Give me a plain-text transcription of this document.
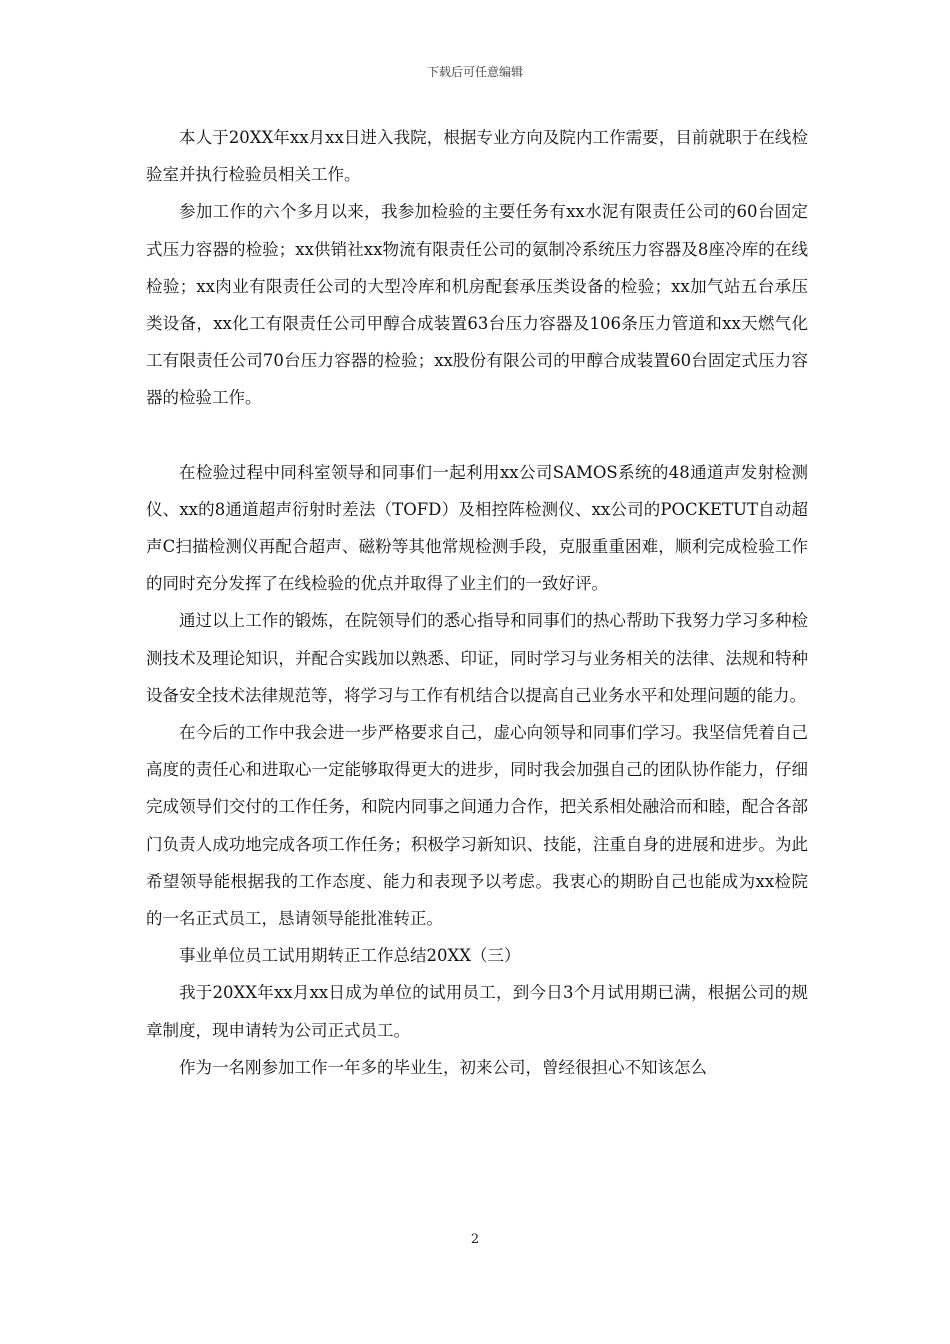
下载后可任意编辑

本人于20XX年xx月xx日进入我院，根据专业方向及院内工作需要，目前就职于在线检验室并执行检验员相关工作。

参加工作的六个多月以来，我参加检验的主要任务有xx水泥有限责任公司的60台固定式压力容器的检验；xx供销社xx物流有限责任公司的氨制冷系统压力容器及8座冷库的在线检验；xx肉业有限责任公司的大型冷库和机房配套承压类设备的检验；xx加气站五台承压类设备，xx化工有限责任公司甲醇合成装置63台压力容器及106条压力管道和xx天燃气化工有限责任公司70台压力容器的检验；xx股份有限公司的甲醇合成装置60台固定式压力容器的检验工作。

在检验过程中同科室领导和同事们一起利用xx公司SAMOS系统的48通道声发射检测仪、xx的8通道超声衍射时差法（TOFD）及相控阵检测仪、xx公司的POCKETUT自动超声C扫描检测仪再配合超声、磁粉等其他常规检测手段，克服重重困难，顺利完成检验工作的同时充分发挥了在线检验的优点并取得了业主们的一致好评。

通过以上工作的锻炼，在院领导们的悉心指导和同事们的热心帮助下我努力学习多种检测技术及理论知识，并配合实践加以熟悉、印证，同时学习与业务相关的法律、法规和特种设备安全技术法律规范等，将学习与工作有机结合以提高自己业务水平和处理问题的能力。

在今后的工作中我会进一步严格要求自己，虚心向领导和同事们学习。我坚信凭着自己高度的责任心和进取心一定能够取得更大的进步，同时我会加强自己的团队协作能力，仔细完成领导们交付的工作任务，和院内同事之间通力合作，把关系相处融洽而和睦，配合各部门负责人成功地完成各项工作任务；积极学习新知识、技能，注重自身的进展和进步。为此希望领导能根据我的工作态度、能力和表现予以考虑。我衷心的期盼自己也能成为xx检院的一名正式员工，恳请领导能批准转正。

事业单位员工试用期转正工作总结20XX（三）

我于20XX年xx月xx日成为单位的试用员工，到今日3个月试用期已满，根据公司的规章制度，现申请转为公司正式员工。

作为一名刚参加工作一年多的毕业生，初来公司，曾经很担心不知该怎么

2
